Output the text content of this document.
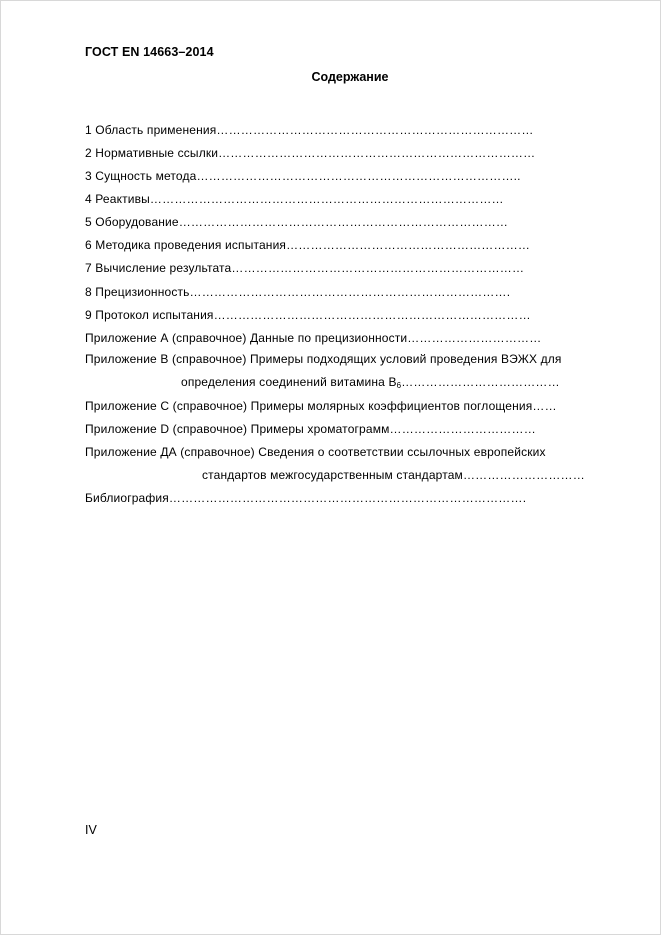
ГОСТ EN 14663–2014
Содержание
1 Область применения……………………………………………………………………
2 Нормативные ссылки……………………………………………………………………
3 Сущность метода……………………………………………………………………..
4 Реактивы……………………………………………………………………………
5 Оборудование………………………………………………………………………
6 Методика проведения испытания……………………………………………………
7 Вычисление результата………………………………………………………………
8 Прецизионность…………………………………………………………………….
9 Протокол испытания……………………………………………………………………
Приложение А (справочное) Данные по прецизионности……………………………
Приложение В (справочное) Примеры подходящих условий проведения ВЭЖХ для
определения соединений витамина $В_6\dots\dots\dots\dots\dots\dots\dots\dots\dots\dots\dots\dots\dots$
Приложение С (справочное) Примеры молярных коэффициентов поглощения……
Приложение D (справочное) Примеры хроматограмм………………………………
Приложение ДА (справочное) Сведения о соответствии ссылочных европейских
стандартов межгосударственным стандартам…………………………
Библиография…………………………………………………………………………….
IV
